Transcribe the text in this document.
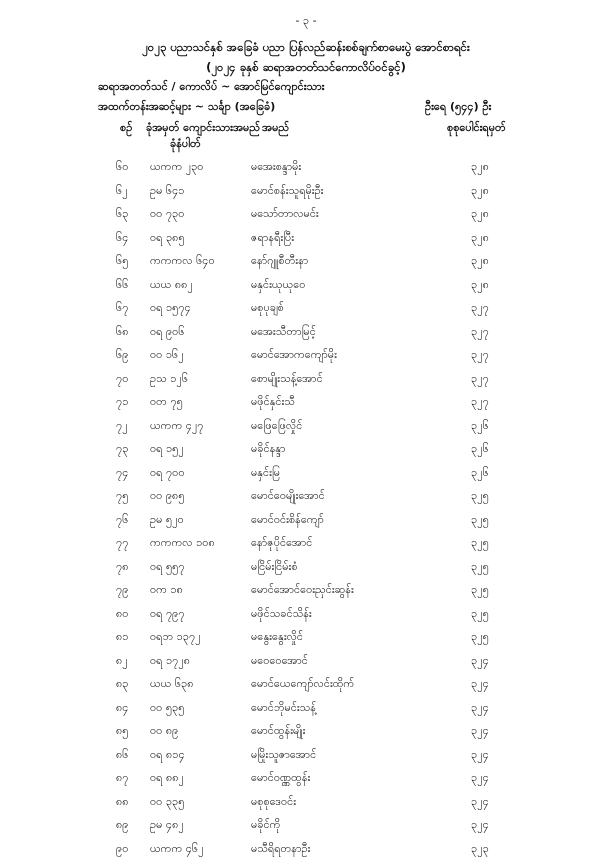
- ၃ -
၂၀၂၃ ပညာသင်နှစ် အခြေခံ ပညာ ပြန်လည်ဆန်းစစ်ချက်စာမေးပွဲ အောင်စာရင်း
(၂၀၂၄ ခုနှစ် ဆရာအတတ်သင်ကောလိပ်ဝင်ခွင့်)
ဆရာအတတ်သင် / ကောလိပ် ~ အောင်မြင်ကျောင်းသား
အထက်တန်းအဆင့်များ ~ သင်္ချာ (အခြေခံ)	ဦးရေ (၅၄၄) ဦး
စဉ် ခုံအမှတ် ကျောင်းသားအမည်
ခုံနံပါတ်
အမည်	စုစုပေါင်းရမှတ်
၆၀ ယကက ၂၃၀	မအေးစန္ဒာမိုး	၃၂၈
၆၂ ဥမ ၆၄၁	မောင်စန်းသူရမိုးဦး	၃၂၈
၆၃ ဝဝ ၇၃၀	မသော်တာလမင်း	၃၂၈
၆၄ ဝရ ၃၈၅	ဇရာနရီးပြီး	၃၂၈
၆၅ ကကကလ ၆၄၀	နော်ဂျူစီတီးနာ	၃၂၈
၆၆ ယယ ၈၈၂	မနှင်းယုယုဝေ	၃၂၈
၆၇ ဝရ ၁၅၇၄	မစုပုချစ်	၃၂၇
၆၈ ဝရ ၉၀၆	မအေးသီတာမြင့်	၃၂၇
၆၉ ဝဝ ၁၆၂	မောင်အောကကျော်မိုး	၃၂၇
၇၀ ဥသ ၁၂၆	စောမျိုးသန့်အောင်	၃၂၇
၇၁ ဝတ ၇၅	မဖိုင်နှင်းသီ	၃၂၇
၇၂ ယကက ၄၂၇	မဖြေဖြေလှိုင်	၃၂၆
၇၃ ဝရ ၁၅၂	မခိုင်နန္ဒာ	၃၂၆
၇၄ ဝရ ၇၀၀	မနှင်းမြ	၃၂၆
၇၅ ဝဝ ၉၈၅	မောင်ဝေမျိုးအောင်	၃၂၅
၇၆ ဥမ ၅၂၀	မောင်ဝင်းစိန်ကျော်	၃၂၅
၇၇ ကကကလ ၁၀၈	နော်ဇုပိုင်အောင်	၃၂၅
၇၈ ဝရ ၅၅၇	မငြိမ်းငြိမ်းစံ	၃၂၅
၇၉ ဝက ၁၈	မောင်အောင်ဝေးညှင်းဆွန်း	၃၂၅
၈၀ ဝရ ၇၉၇	မဖိုင်သခင်သိန်း	၃၂၅
၈၁ ဝရဘ ၁၃၇၂	မနွေးနွေးလှိုင်	၃၂၅
၈၂ ဝရ ၁၇၂၈	မဝေဝေအောင်	၃၂၄
၈၃ ယယ ၆၃၈	မောင်ယေကျော်လင်းထိုက်	၃၂၄
၈၄ ဝဝ ၅၃၅	မောင်ဘိုမင်းသန့်	၃၂၄
၈၅ ဝဝ ၈၉	မောင်ထွန်းမျိုး	၃၂၄
၈၆ ဝရ ၈၁၄	မမြိုးသူဇာအောင်	၃၂၄
၈၇ ဝရ ၈၈၂	မောင်ဝဏ္ဏထွန်း	၃၂၄
၈၈ ဝဝ ၃၃၅	မစုစုဒေဝင်း	၃၂၄
၈၉ ဥမ ၄၈၂	မခိုင်ကို	၃၂၄
၉၀ ယကက ၄၆၂	မသီရိရတနာဦး	၃၂၃
